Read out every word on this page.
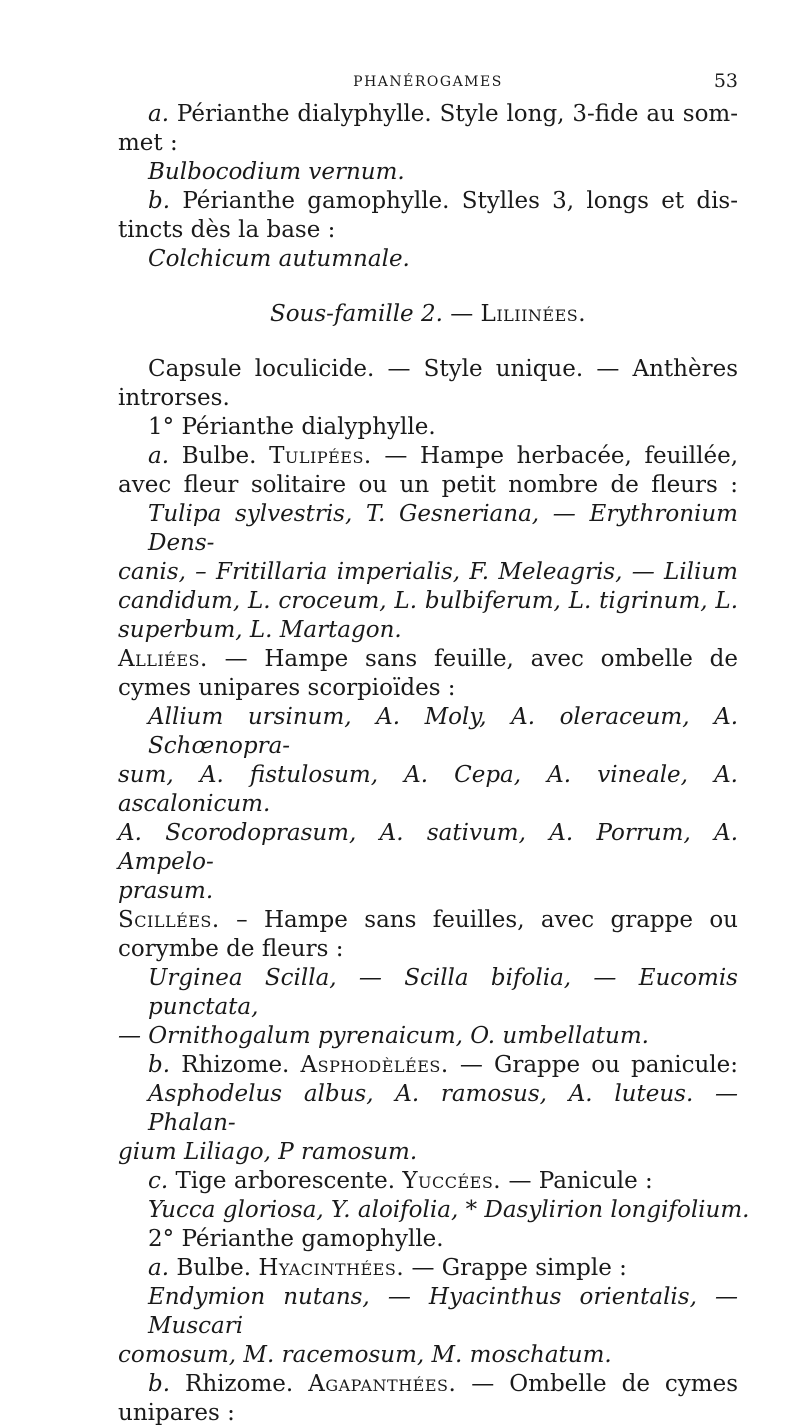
PHANÉROGAMES	53
a. Périanthe dialyphylle. Style long, 3-fide au som-
met :
Bulbocodium vernum.
b. Périanthe gamophylle. Stylles 3, longs et dis-
tincts dès la base :
Colchicum autumnale.
Sous-famille 2. — Liliinées.
Capsule loculicide. — Style unique. — Anthères
introrses.
1° Périanthe dialyphylle.
a. Bulbe. Tulipées. — Hampe herbacée, feuillée,
avec fleur solitaire ou un petit nombre de fleurs :
Tulipa sylvestris, T. Gesneriana, — Erythronium Dens-
canis, – Fritillaria imperialis, F. Meleagris, — Lilium
candidum, L. croceum, L. bulbiferum, L. tigrinum, L.
superbum, L. Martagon.
Alliées. — Hampe sans feuille, avec ombelle de
cymes unipares scorpioïdes :
Allium ursinum, A. Moly, A. oleraceum, A. Schœnopra-
sum, A. fistulosum, A. Cepa, A. vineale, A. ascalonicum.
A. Scorodoprasum, A. sativum, A. Porrum, A. Ampelo-
prasum.
Scillées. – Hampe sans feuilles, avec grappe ou
corymbe de fleurs :
Urginea Scilla, — Scilla bifolia, — Eucomis punctata,
— Ornithogalum pyrenaicum, O. umbellatum.
b. Rhizome. Asphodèlées. — Grappe ou panicule:
Asphodelus albus, A. ramosus, A. luteus. — Phalan-
gium Liliago, P ramosum.
c. Tige arborescente. Yuccées. — Panicule :
Yucca gloriosa, Y. aloifolia, * Dasylirion longifolium.
2° Périanthe gamophylle.
a. Bulbe. Hyacinthées. — Grappe simple :
Endymion nutans, — Hyacinthus orientalis, — Muscari
comosum, M. racemosum, M. moschatum.
b. Rhizome. Agapanthées. — Ombelle de cymes
unipares :
